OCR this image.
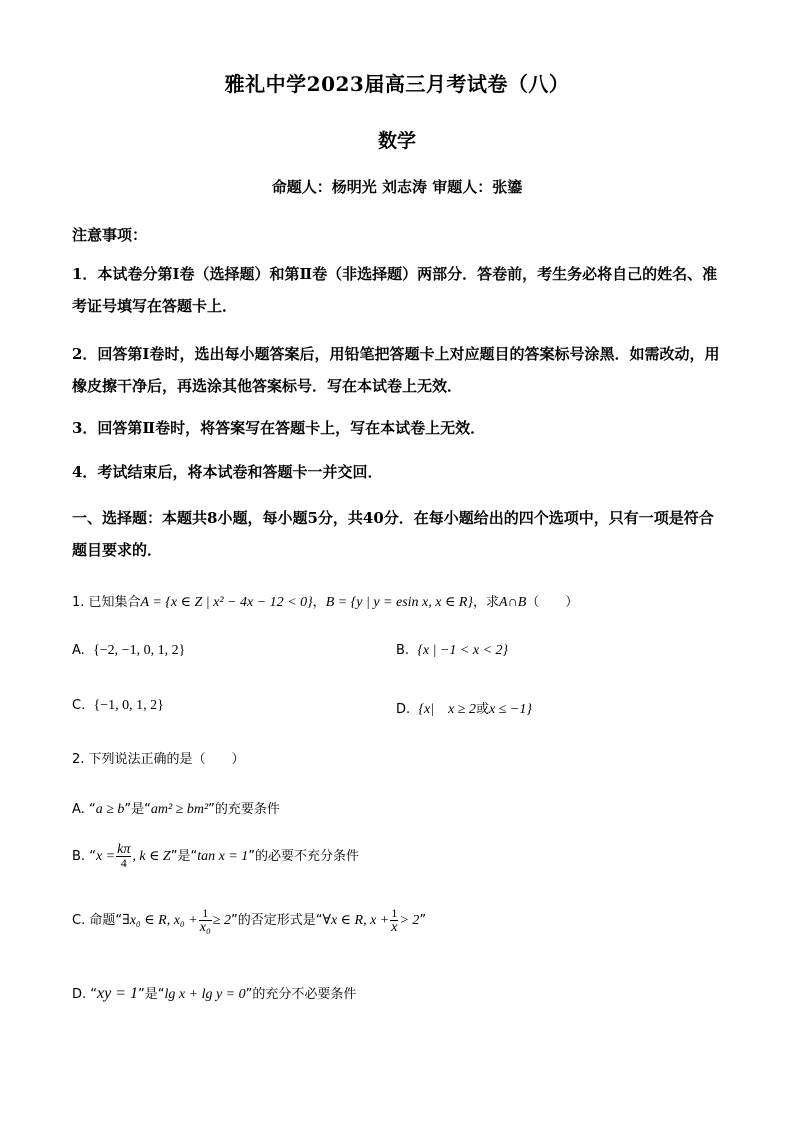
雅礼中学2023届高三月考试卷（八）
数学
命题人：杨明光 刘志涛 审题人：张鎏
注意事项：
1．本试卷分第Ⅰ卷（选择题）和第Ⅱ卷（非选择题）两部分．答卷前，考生务必将自己的姓名、准考证号填写在答题卡上．
2．回答第Ⅰ卷时，选出每小题答案后，用铅笔把答题卡上对应题目的答案标号涂黑．如需改动，用橡皮擦干净后，再选涂其他答案标号．写在本试卷上无效．
3．回答第Ⅱ卷时，将答案写在答题卡上，写在本试卷上无效．
4．考试结束后，将本试卷和答题卡一并交回．
一、选择题：本题共8小题，每小题5分，共40分．在每小题给出的四个选项中，只有一项是符合题目要求的．
1. 已知集合A = {x ∈ Z | x² − 4x − 12 < 0}，B = {y | y = esin x, x ∈ R}，求A∩B（　　）
A. {−2, −1, 0, 1, 2}	B. {x | −1 < x < 2}
C. {−1, 0, 1, 2}	D. {x|　x ≥ 2或x ≤ −1}
2. 下列说法正确的是（　　）
A. “a ≥ b”是“am² ≥ bm²”的充要条件
B. “$x = \frac{k\pi}{4}$ , k ∈ Z”是“tan x = 1”的必要不充分条件
C. 命题“∃x₀ ∈ R, $x_0 + \frac{1}{\text{x₀}} \ge 2$”的否定形式是“∀x ∈ R, $x + \frac{1}{x} > 2$”
D. “xy = 1”是“lg x + lg y = 0”的充分不必要条件
